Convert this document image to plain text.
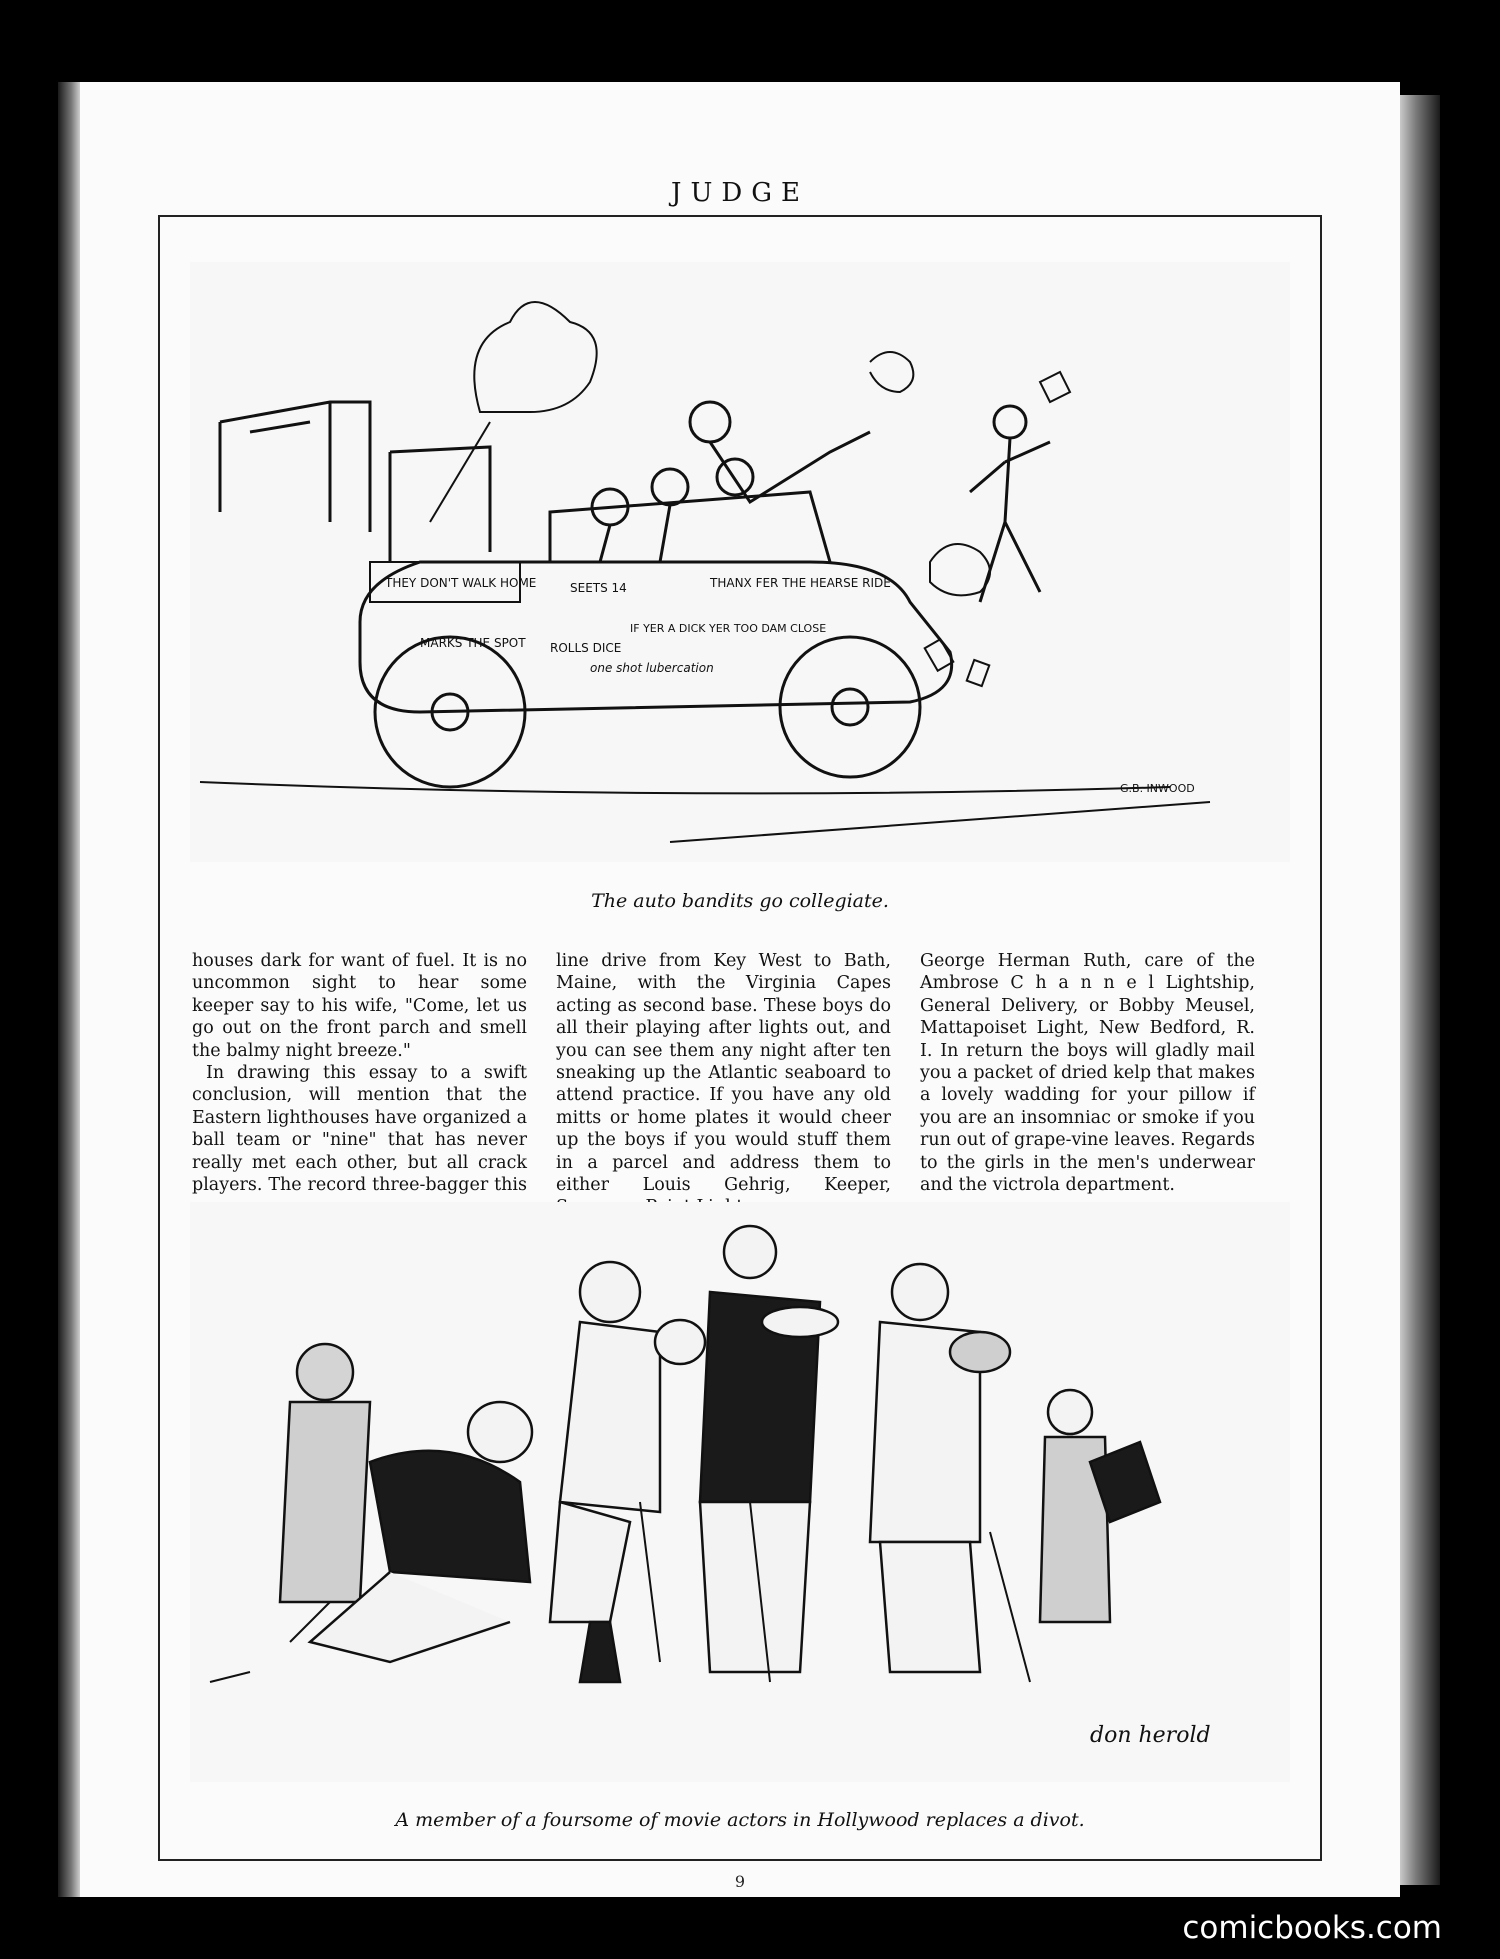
JUDGE
THEY DON'T WALK HOME	SEETS 14	THANX FER THE HEARSE RIDE
MARKS THE SPOT ROLLS DICE
IF YER A DICK YER TOO DAM CLOSE
one shot lubercation
G.B. INWOOD
The auto bandits go collegiate.

houses dark for want of fuel. It is no uncommon sight to hear some keeper say to his wife, "Come, let us go out on the front parch and smell the balmy night breeze."

In drawing this essay to a swift conclusion, will mention that the Eastern lighthouses have organized a ball team or "nine" that has never really met each other, but all crack players. The record three-bagger this

line drive from Key West to Bath, Maine, with the Virginia Capes acting as second base. These boys do all their playing after lights out, and you can see them any night after ten sneaking up the Atlantic seaboard to attend practice. If you have any old mitts or home plates it would cheer up the boys if you would stuff them in a parcel and address them to either Louis Gehrig, Keeper,

George Herman Ruth, care of the Ambrose C h a n n e l Lightship, General Delivery, or Bobby Meusel, Mattapoiset Light, New Bedford, R. I. In return the boys will gladly mail you a packet of dried kelp that makes a lovely wadding for your pillow if you are an insomniac or smoke if you run out of grape-vine leaves. Regards to the girls in the men's underwear and the victrola department.

don herold
A member of a foursome of movie actors in Hollywood replaces a divot.
9
comicbooks.com
